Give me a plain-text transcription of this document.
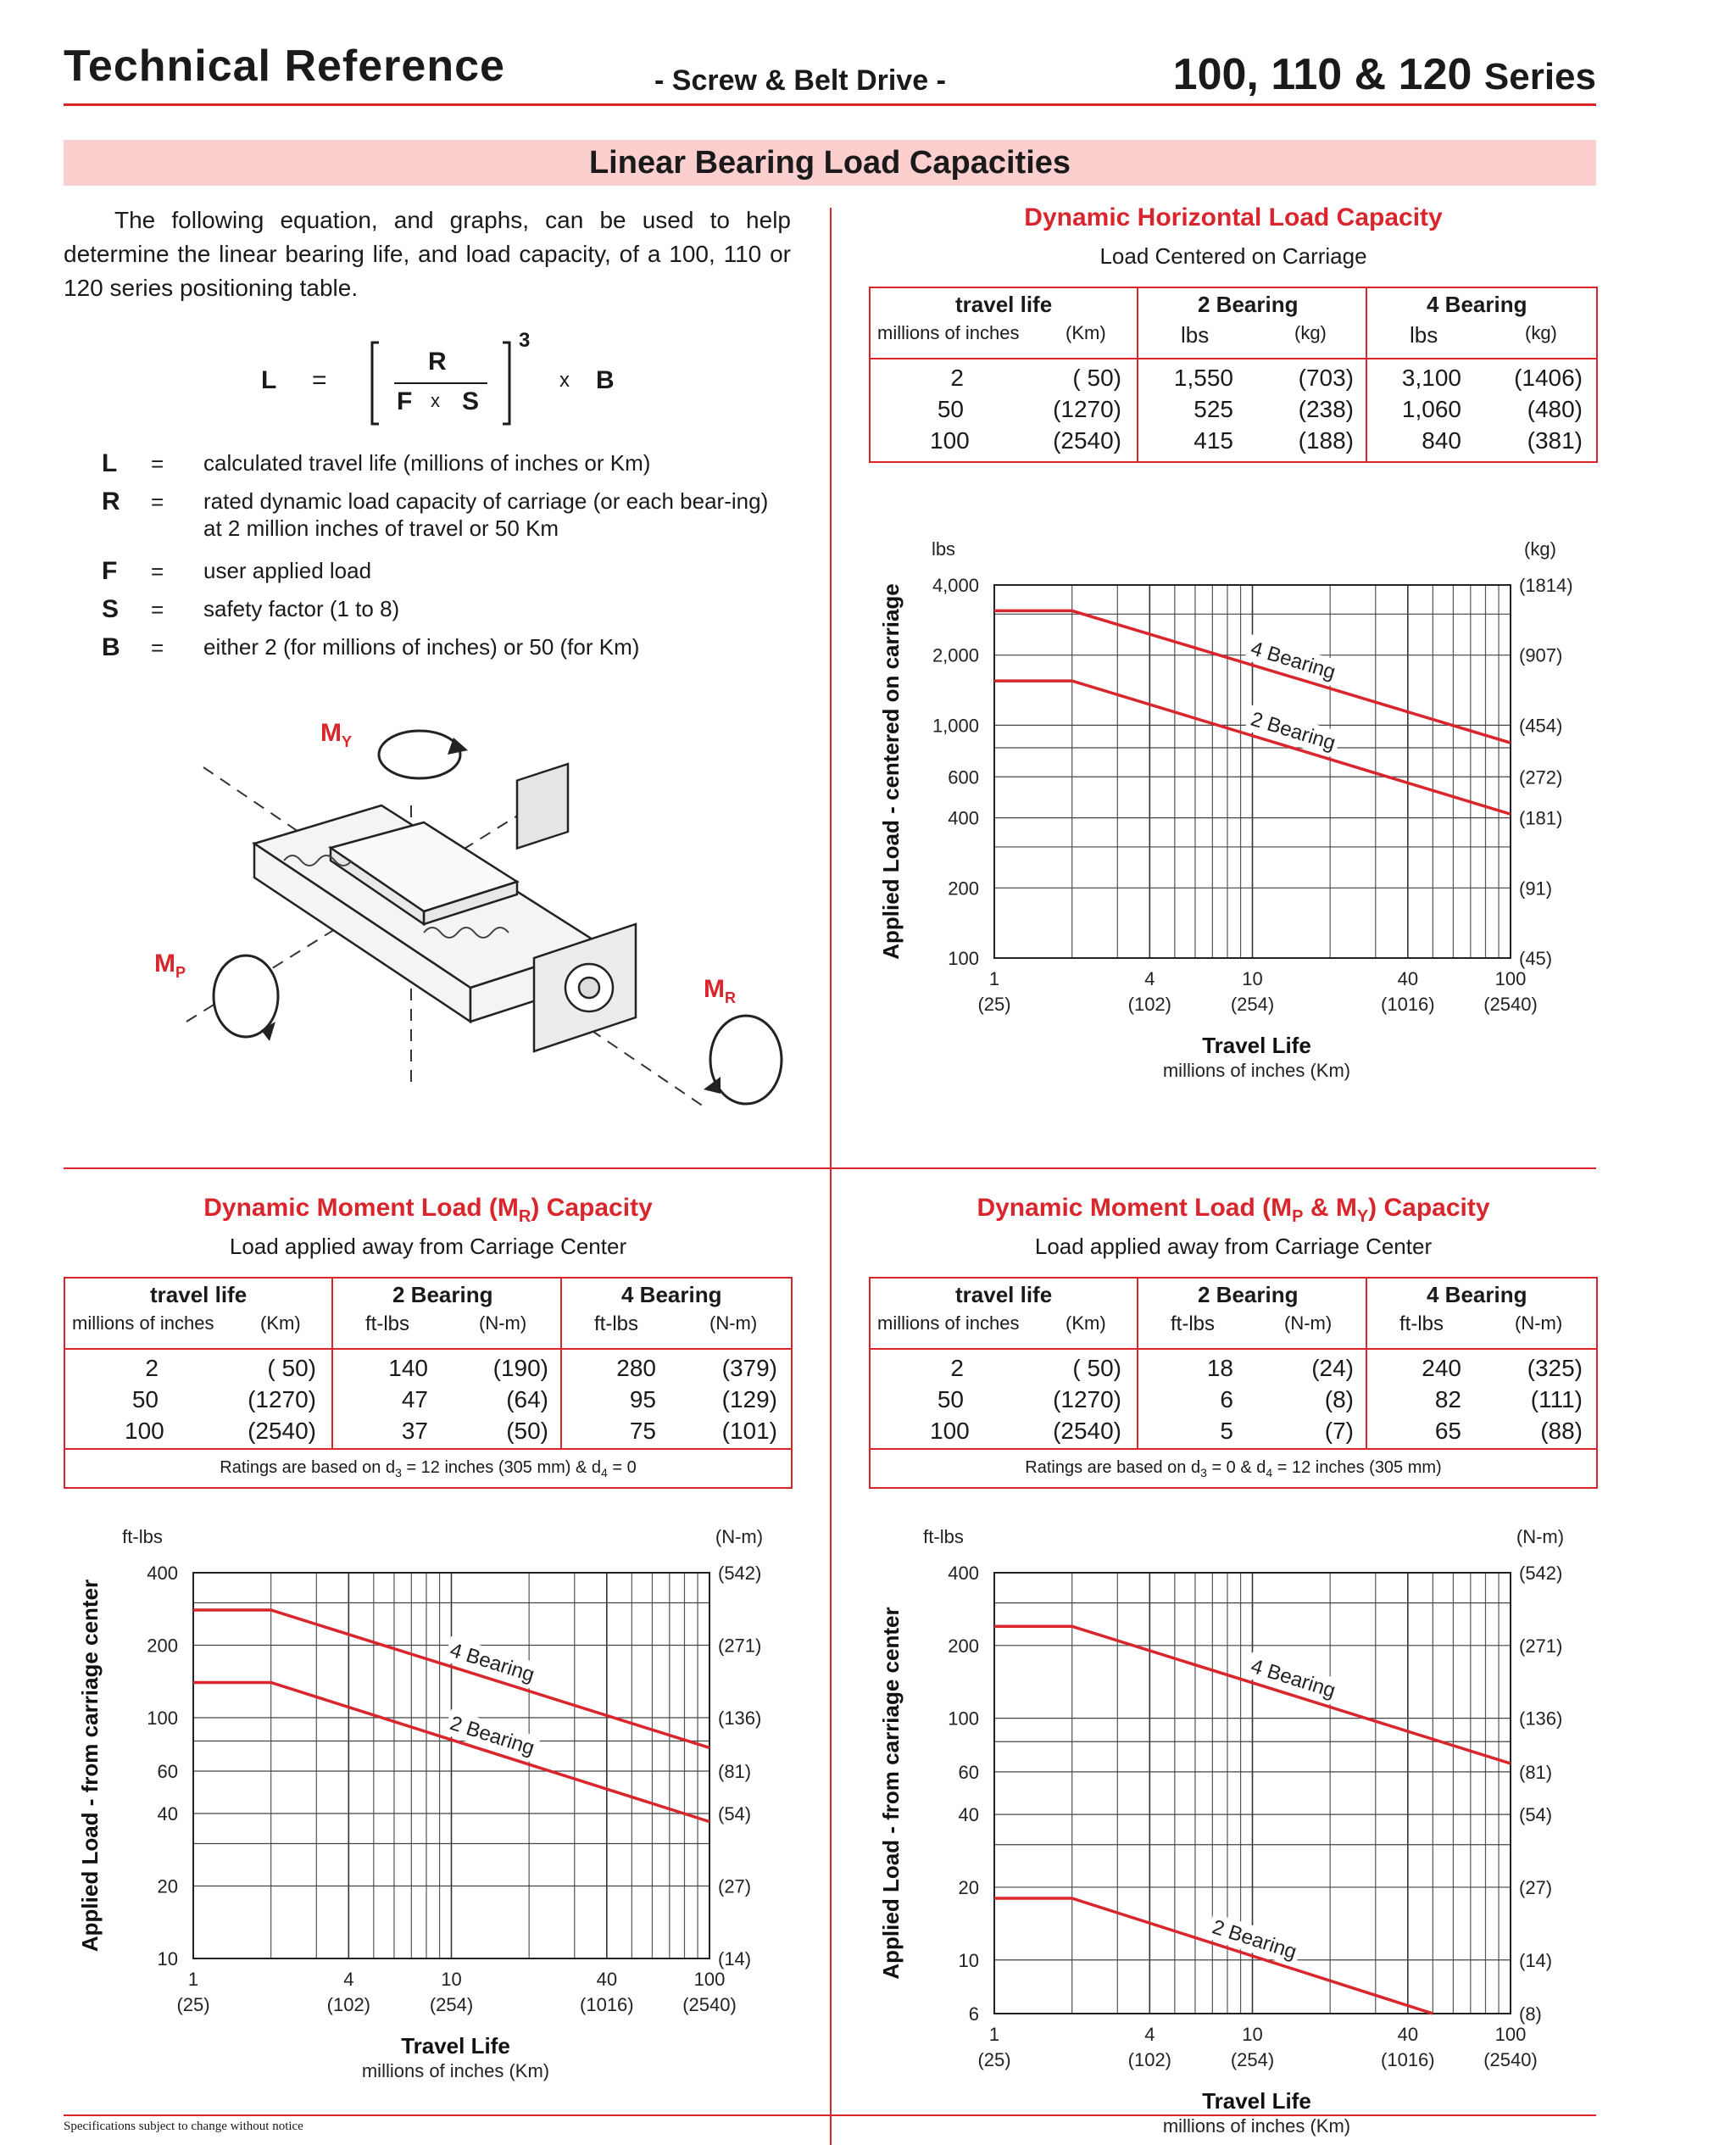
Technical Reference	- Screw & Belt Drive -	100, 110 & 120 Series
Linear Bearing Load Capacities
The following equation, and graphs, can be used to help determine the linear bearing life, and load capacity, of a 100, 110 or 120 series positioning table.
L =
R
F x S
3
x B
L = calculated travel life (millions of inches or Km)
R = rated dynamic load capacity of carriage (or each bear-ing) at 2 million inches of travel or 50 Km
F = user applied load
S = safety factor (1 to 8)
B = either 2 (for millions of inches) or 50 (for Km)
$M_Y$
$M_P$
$M_R$
Dynamic Horizontal Load Capacity
Load Centered on Carriage
travel life	2 Bearing	4 Bearing
millions of inches (Km)	lbs	(kg)	lbs	(kg)
2	( 50)	1,550	(703)	3,100	(1406)
50	(1270)	525	(238)	1,060	(480)
100	(2540)	415	(188)	840	(381)
Dynamic Moment Load $(M_R)$ Capacity
Load applied away from Carriage Center
travel life	2 Bearing	4 Bearing
millions of inches (Km)	ft-lbs	(N-m)	ft-lbs	(N-m)
Ratings are based on $d_3 = 12$ inches (305 mm) & $d_4 = 0$
2	( 50)	140	(190)	280	(379)
50	(1270)	47	(64)	95	(129)
100	(2540)	37	(50)	75	(101)
Dynamic Moment Load ($M_P$ & $M_Y$) Capacity
Load applied away from Carriage Center
travel life	2 Bearing	4 Bearing
millions of inches (Km)	ft-lbs	(N-m)	ft-lbs	(N-m)
Ratings are based on $d_3 = 0$ & $d_4 = 12$ inches (305 mm)
2	( 50)	18	(24)	240	(325)
50	(1270)	6	(8)	82	(111)
100	(2540)	5	(7)	65	(88)
lbs	(kg)
4,000	(1814)
2,000	(907)
1,000	(454)
600	(272)
400	(181)
200	(91)
100	(45)
1
(25)
4
(102)
10
(254)
40
(1016)
100
(2540)
Travel Life
millions of inches (Km)
Applied Load - centered on carriage	4 Bearing
2 Bearing
ft-lbs	(N-m)
400	(542)
200	(271)
100	(136)
60	(81)
40	(54)
20	(27)
10	(14)
1
(25)
4
(102)
10
(254)
40
(1016)
100
(2540)
Travel Life
millions of inches (Km)
Applied Load - from carriage center	4 Bearing
2 Bearing
ft-lbs	(N-m)
400	(542)
200	(271)
100	(136)
60	(81)
40	(54)
20	(27)
10	(14)
6	(8)
1
(25)
4
(102)
10
(254)
40
(1016)
100
(2540)
Travel Life
millions of inches (Km)
Applied Load - from carriage center	4 Bearing
2 Bearing
Specifications subject to change without notice
